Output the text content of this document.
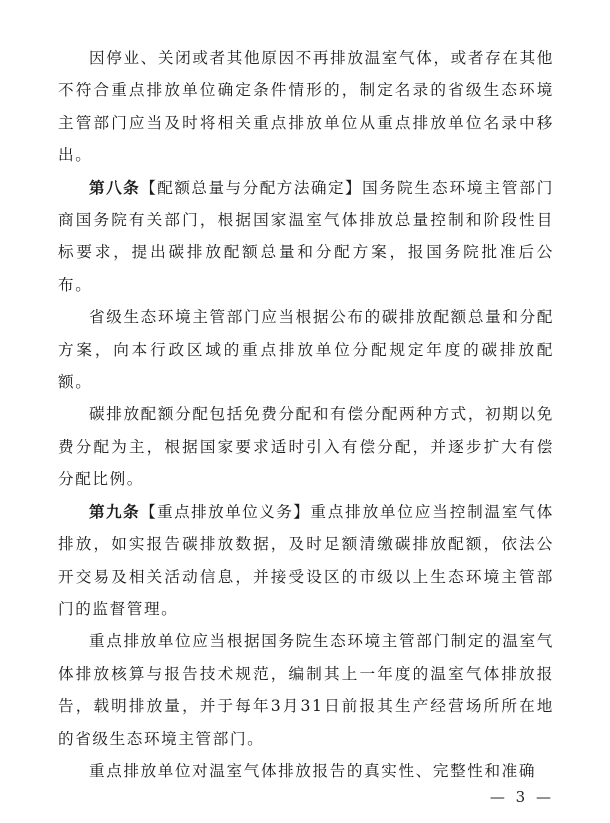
因停业、关闭或者其他原因不再排放温室气体，或者存在其他不符合重点排放单位确定条件情形的，制定名录的省级生态环境主管部门应当及时将相关重点排放单位从重点排放单位名录中移出。

第八条【配额总量与分配方法确定】国务院生态环境主管部门商国务院有关部门，根据国家温室气体排放总量控制和阶段性目标要求，提出碳排放配额总量和分配方案，报国务院批准后公布。

省级生态环境主管部门应当根据公布的碳排放配额总量和分配方案，向本行政区域的重点排放单位分配规定年度的碳排放配额。

碳排放配额分配包括免费分配和有偿分配两种方式，初期以免费分配为主，根据国家要求适时引入有偿分配，并逐步扩大有偿分配比例。

第九条【重点排放单位义务】重点排放单位应当控制温室气体排放，如实报告碳排放数据，及时足额清缴碳排放配额，依法公开交易及相关活动信息，并接受设区的市级以上生态环境主管部门的监督管理。

重点排放单位应当根据国务院生态环境主管部门制定的温室气体排放核算与报告技术规范，编制其上一年度的温室气体排放报告，载明排放量，并于每年3月31日前报其生产经营场所所在地的省级生态环境主管部门。

重点排放单位对温室气体排放报告的真实性、完整性和准确

— 3 —
